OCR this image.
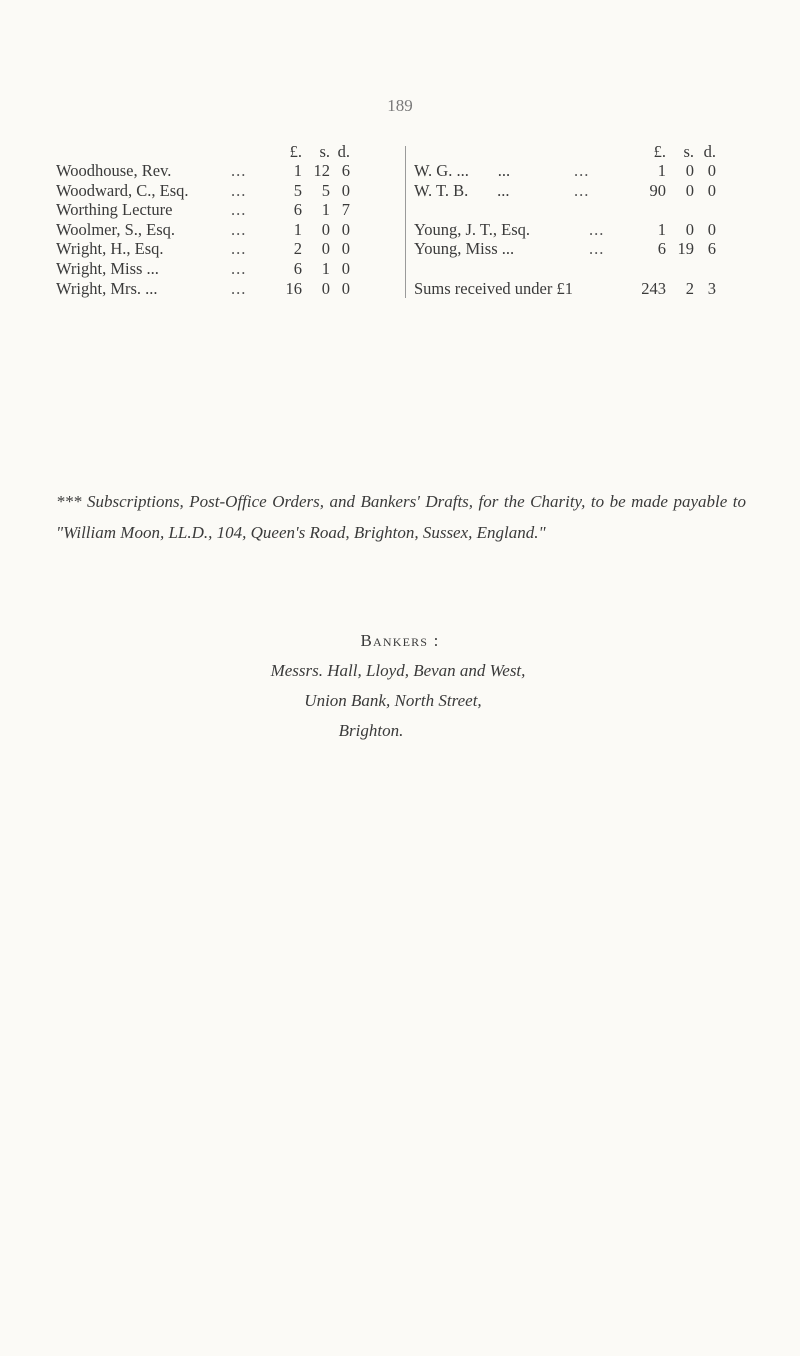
189
£.	s. d.
Woodhouse, Rev.	...	1 12 6
Woodward, C., Esq.	...	5	5 0
Worthing Lecture	...	6	1 7
Woolmer, S., Esq.	...	1	0 0
Wright, H., Esq.	...	2	0 0
Wright, Miss ...	...	6	1 0
Wright, Mrs. ...	...	16	0 0
£.	s. d.
W. G. ...       ...	...	1	0 0
W. T. B.       ...	...	90	0 0
Young, J. T., Esq.	...	1	0 0
Young, Miss ...	...	6 19 6
Sums received under £1	243	2 3
*** Subscriptions, Post-Office Orders, and Bankers' Drafts, for the Charity, to be made payable to "William Moon, LL.D., 104, Queen's Road, Brighton, Sussex, England."
Bankers :
Messrs. Hall, Lloyd, Bevan and West,
Union Bank, North Street,
Brighton.
